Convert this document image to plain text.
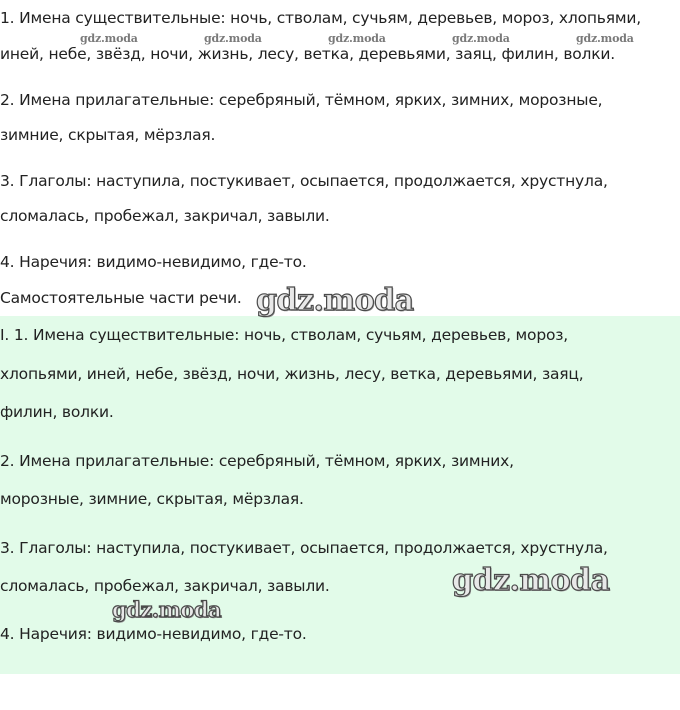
1. Имена существительные: ночь, стволам, сучьям, деревьев, мороз, хлопьями,

иней, небе, звёзд, ночи, жизнь, лесу, ветка, деревьями, заяц, филин, волки.

2. Имена прилагательные: серебряный, тёмном, ярких, зимних, морозные,

зимние, скрытая, мёрзлая.

3. Глаголы: наступила, постукивает, осыпается, продолжается, хрустнула,

сломалась, пробежал, закричал, завыли.

4. Наречия: видимо-невидимо, где-то.

Самостоятельные части речи.

I. 1. Имена существительные: ночь, стволам, сучьям, деревьев, мороз,

хлопьями, иней, небе, звёзд, ночи, жизнь, лесу, ветка, деревьями, заяц,

филин, волки.

2. Имена прилагательные: серебряный, тёмном, ярких, зимних,

морозные, зимние, скрытая, мёрзлая.

3. Глаголы: наступила, постукивает, осыпается, продолжается, хрустнула,

сломалась, пробежал, закричал, завыли.

4. Наречия: видимо-невидимо, где-то.

gdz.moda	gdz.moda	gdz.moda	gdz.moda	gdz.moda
gdz.moda
gdz.moda
gdz.moda
